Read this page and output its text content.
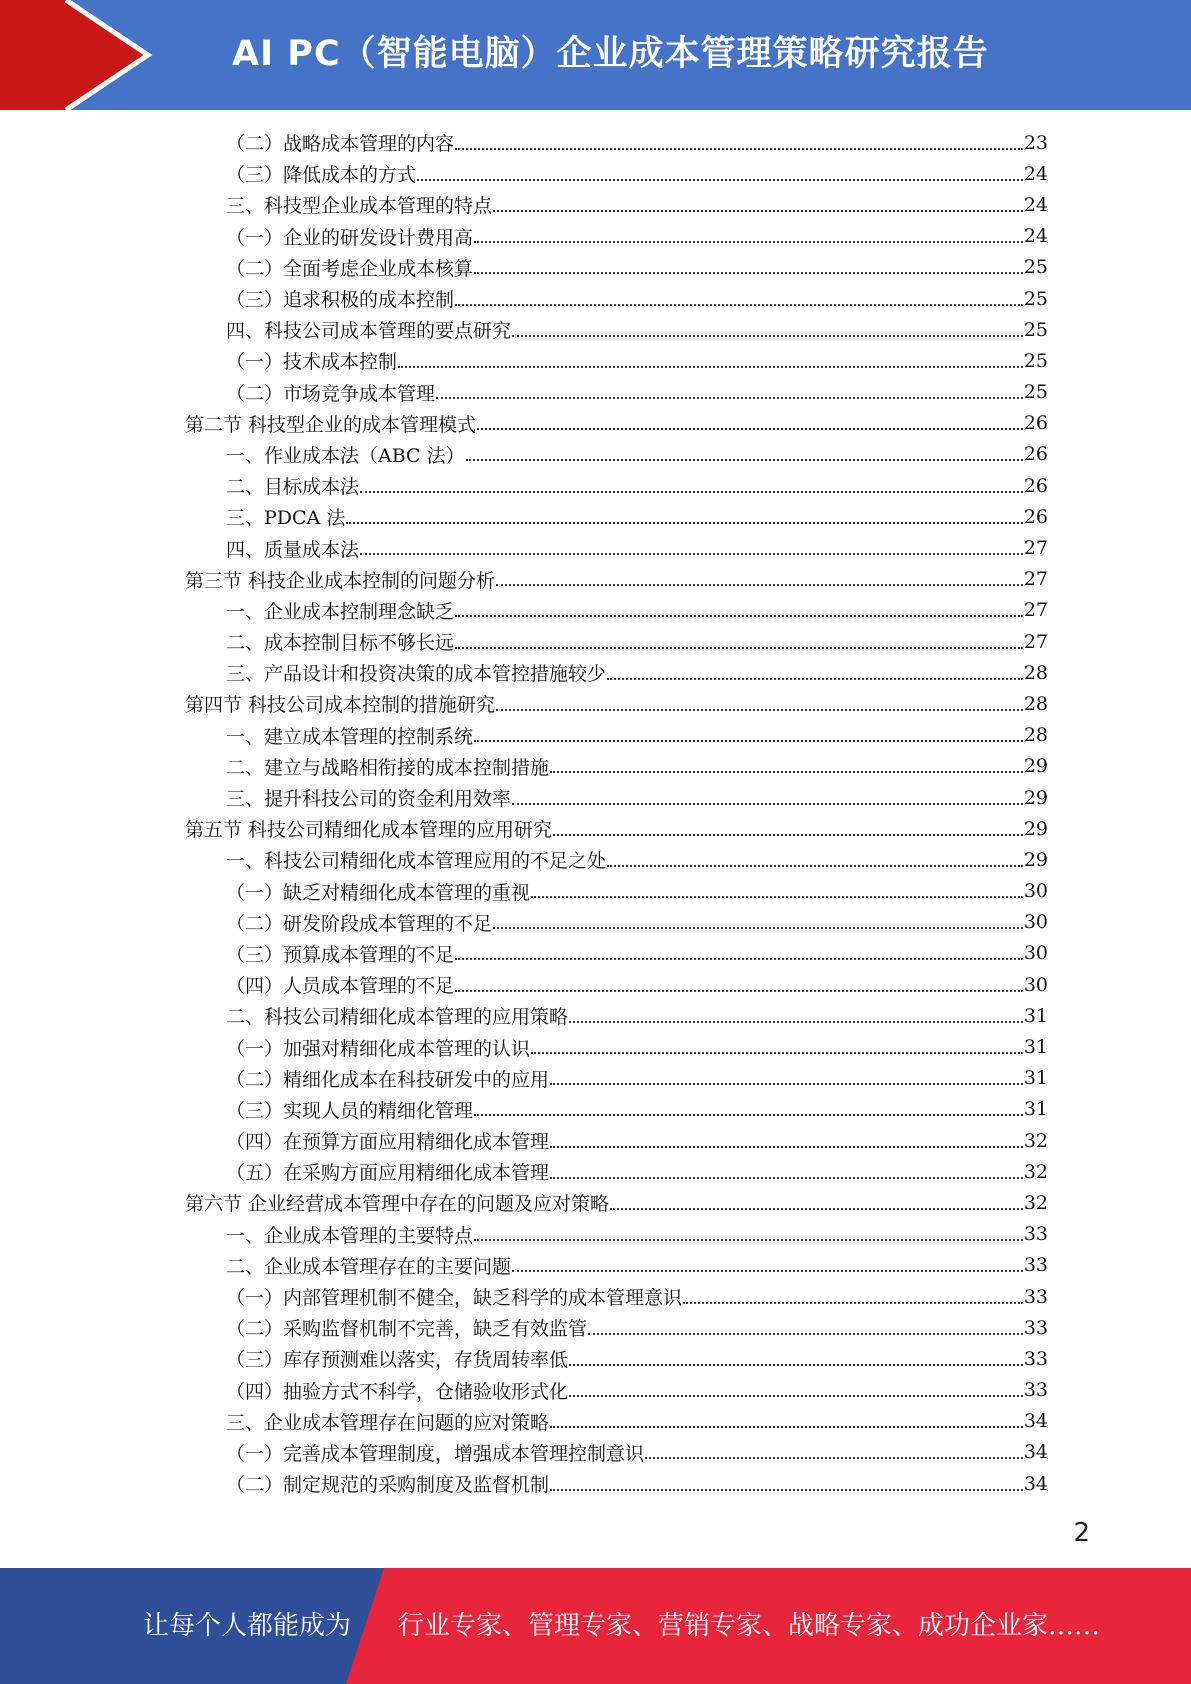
AI PC（智能电脑）企业成本管理策略研究报告
（二）战略成本管理的内容	23
（三）降低成本的方式	24
三、科技型企业成本管理的特点	24
（一）企业的研发设计费用高	24
（二）全面考虑企业成本核算	25
（三）追求积极的成本控制	25
四、科技公司成本管理的要点研究	25
（一）技术成本控制	25
（二）市场竞争成本管理	25
第二节 科技型企业的成本管理模式	26
一、作业成本法（ABC 法）	26
二、目标成本法	26
三、PDCA 法	26
四、质量成本法	27
第三节 科技企业成本控制的问题分析	27
一、企业成本控制理念缺乏	27
二、成本控制目标不够长远	27
三、产品设计和投资决策的成本管控措施较少	28
第四节 科技公司成本控制的措施研究	28
一、建立成本管理的控制系统	28
二、建立与战略相衔接的成本控制措施	29
三、提升科技公司的资金利用效率	29
第五节 科技公司精细化成本管理的应用研究	29
一、科技公司精细化成本管理应用的不足之处	29
（一）缺乏对精细化成本管理的重视	30
（二）研发阶段成本管理的不足	30
（三）预算成本管理的不足	30
（四）人员成本管理的不足	30
二、科技公司精细化成本管理的应用策略	31
（一）加强对精细化成本管理的认识	31
（二）精细化成本在科技研发中的应用	31
（三）实现人员的精细化管理	31
（四）在预算方面应用精细化成本管理	32
（五）在采购方面应用精细化成本管理	32
第六节 企业经营成本管理中存在的问题及应对策略	32
一、企业成本管理的主要特点	33
二、企业成本管理存在的主要问题	33
（一）内部管理机制不健全，缺乏科学的成本管理意识	33
（二）采购监督机制不完善，缺乏有效监管	33
（三）库存预测难以落实，存货周转率低	33
（四）抽验方式不科学，仓储验收形式化	33
三、企业成本管理存在问题的应对策略	34
（一）完善成本管理制度，增强成本管理控制意识	34
（二）制定规范的采购制度及监督机制	34
2
让每个人都能成为 行业专家、管理专家、营销专家、战略专家、成功企业家……
